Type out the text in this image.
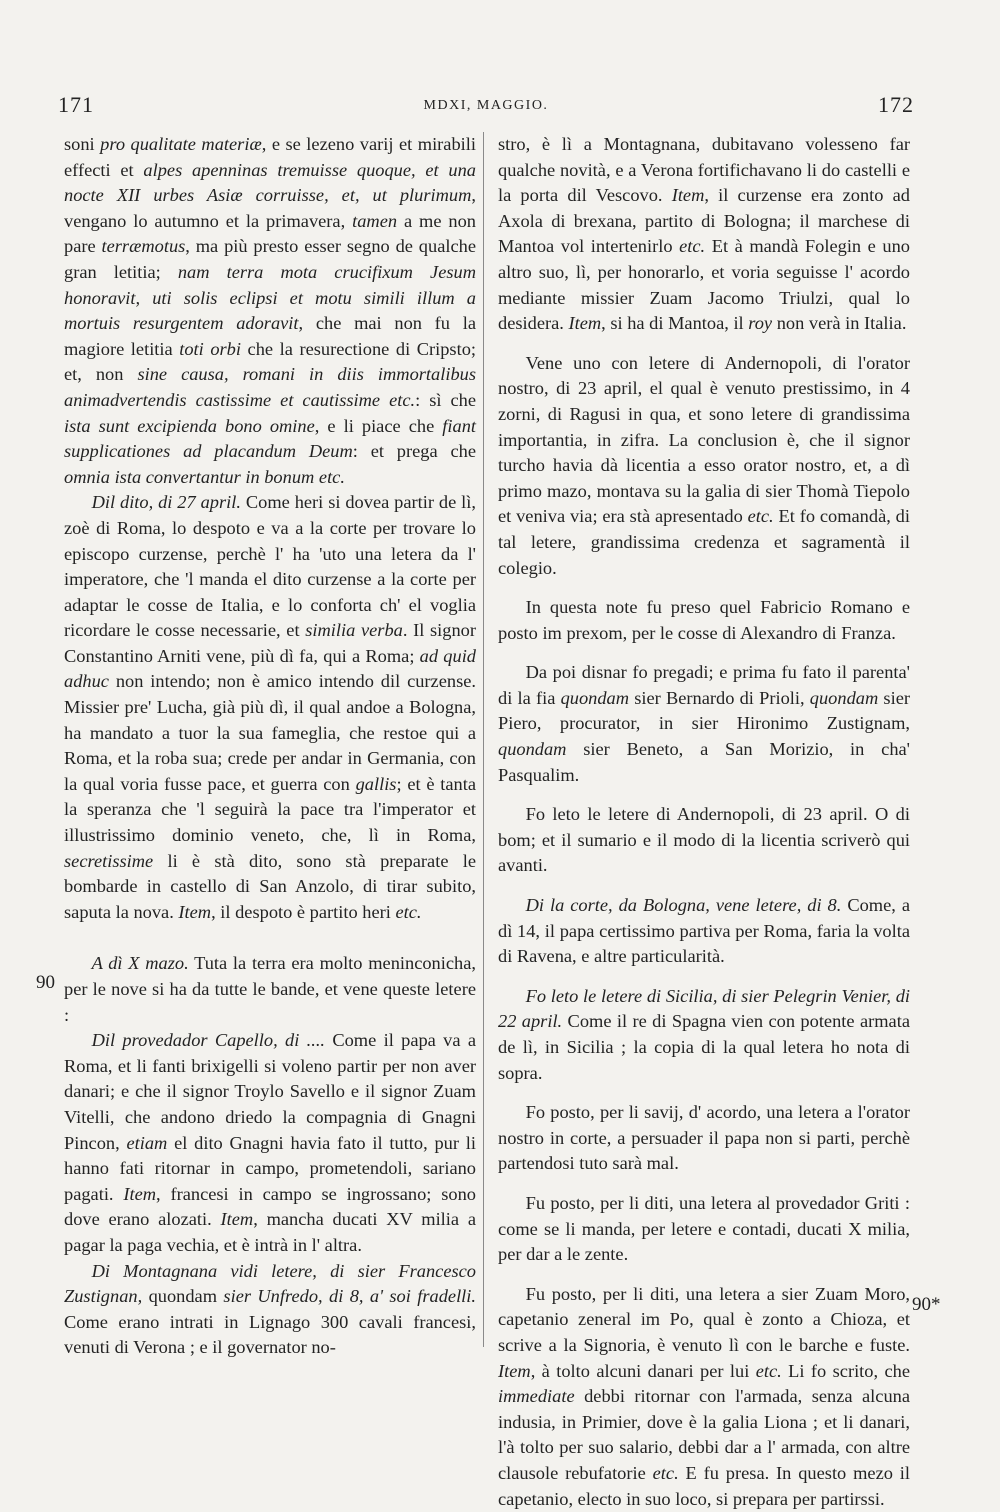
171	MDXI, MAGGIO.	172

soni pro qualitate materiæ, e se lezeno varij et mirabili effecti et alpes apenninas tremuisse quoque, et una nocte XII urbes Asiæ corruisse, et, ut plurimum, vengano lo autumno et la primavera, tamen a me non pare terræmotus, ma più presto esser segno de qualche gran letitia; nam terra mota crucifixum Jesum honoravit, uti solis eclipsi et motu simili illum a mortuis resurgentem adoravit, che mai non fu la magiore letitia toti orbi che la resurectione di Cripsto; et, non sine causa, romani in diis immortalibus animadvertendis castissime et cautissime etc.: sì che ista sunt excipienda bono omine, e li piace che fiant supplicationes ad placandum Deum: et prega che omnia ista convertantur in bonum etc.

Dil dito, di 27 april. Come heri si dovea partir de lì, zoè di Roma, lo despoto e va a la corte per trovare lo episcopo curzense, perchè l' ha 'uto una letera da l' imperatore, che 'l manda el dito curzense a la corte per adaptar le cosse de Italia, e lo conforta ch' el voglia ricordare le cosse necessarie, et similia verba. Il signor Constantino Arniti vene, più dì fa, qui a Roma; ad quid adhuc non intendo; non è amico intendo dil curzense. Missier pre' Lucha, già più dì, il qual andoe a Bologna, ha mandato a tuor la sua fameglia, che restoe qui a Roma, et la roba sua; crede per andar in Germania, con la qual voria fusse pace, et guerra con gallis; et è tanta la speranza che 'l seguirà la pace tra l'imperator et illustrissimo dominio veneto, che, lì in Roma, secretissime li è stà dito, sono stà preparate le bombarde in castello di San Anzolo, di tirar subito, saputa la nova. Item, il despoto è partito heri etc.

A dì X mazo. Tuta la terra era molto meninconicha, per le nove si ha da tutte le bande, et vene queste letere :

Dil provedador Capello, di .... Come il papa va a Roma, et li fanti brixigelli si voleno partir per non aver danari; e che il signor Troylo Savello e il signor Zuam Vitelli, che andono driedo la compagnia di Gnagni Pincon, etiam el dito Gnagni havia fato il tutto, pur li hanno fati ritornar in campo, prometendoli, sariano pagati. Item, francesi in campo se ingrossano; sono dove erano alozati. Item, mancha ducati XV milia a pagar la paga vechia, et è intrà in l' altra.

Di Montagnana vidi letere, di sier Francesco Zustignan, quondam sier Unfredo, di 8, a' soi fradelli. Come erano intrati in Lignago 300 cavali francesi, venuti di Verona ; e il governator no-

stro, è lì a Montagnana, dubitavano volesseno far qualche novità, e a Verona fortifichavano li do castelli e la porta dil Vescovo. Item, il curzense era zonto ad Axola di brexana, partito di Bologna; il marchese di Mantoa vol intertenirlo etc. Et à mandà Folegin e uno altro suo, lì, per honorarlo, et voria seguisse l' acordo mediante missier Zuam Jacomo Triulzi, qual lo desidera. Item, si ha di Mantoa, il roy non verà in Italia.

Vene uno con letere di Andernopoli, di l'orator nostro, di 23 april, el qual è venuto prestissimo, in 4 zorni, di Ragusi in qua, et sono letere di grandissima importantia, in zifra. La conclusion è, che il signor turcho havia dà licentia a esso orator nostro, et, a dì primo mazo, montava su la galia di sier Thomà Tiepolo et veniva via; era stà apresentado etc. Et fo comandà, di tal letere, grandissima credenza et sagramentà il colegio.

In questa note fu preso quel Fabricio Romano e posto im prexom, per le cosse di Alexandro di Franza.

Da poi disnar fo pregadi; e prima fu fato il parenta' di la fia quondam sier Bernardo di Prioli, quondam sier Piero, procurator, in sier Hironimo Zustignam, quondam sier Beneto, a San Morizio, in cha' Pasqualim.

Fo leto le letere di Andernopoli, di 23 april. O di bom; et il sumario e il modo di la licentia scriverò qui avanti.

Di la corte, da Bologna, vene letere, di 8. Come, a dì 14, il papa certissimo partiva per Roma, faria la volta di Ravena, e altre particularità.

Fo leto le letere di Sicilia, di sier Pelegrin Venier, di 22 april. Come il re di Spagna vien con potente armata de lì, in Sicilia ; la copia di la qual letera ho nota di sopra.

Fo posto, per li savij, d' acordo, una letera a l'orator nostro in corte, a persuader il papa non si parti, perchè partendosi tuto sarà mal.

Fu posto, per li diti, una letera al provedador Griti : come se li manda, per letere e contadi, ducati X milia, per dar a le zente.

Fu posto, per li diti, una letera a sier Zuam Moro, capetanio zeneral im Po, qual è zonto a Chioza, et scrive a la Signoria, è venuto lì con le barche e fuste. Item, à tolto alcuni danari per lui etc. Li fo scrito, che immediate debbi ritornar con l'armada, senza alcuna indusia, in Primier, dove è la galia Liona ; et li danari, l'à tolto per suo salario, debbi dar a l' armada, con altre clausole rebufatorie etc. E fu presa. In questo mezo il capetanio, electo in suo loco, si prepara per partirssi.

90
90*
